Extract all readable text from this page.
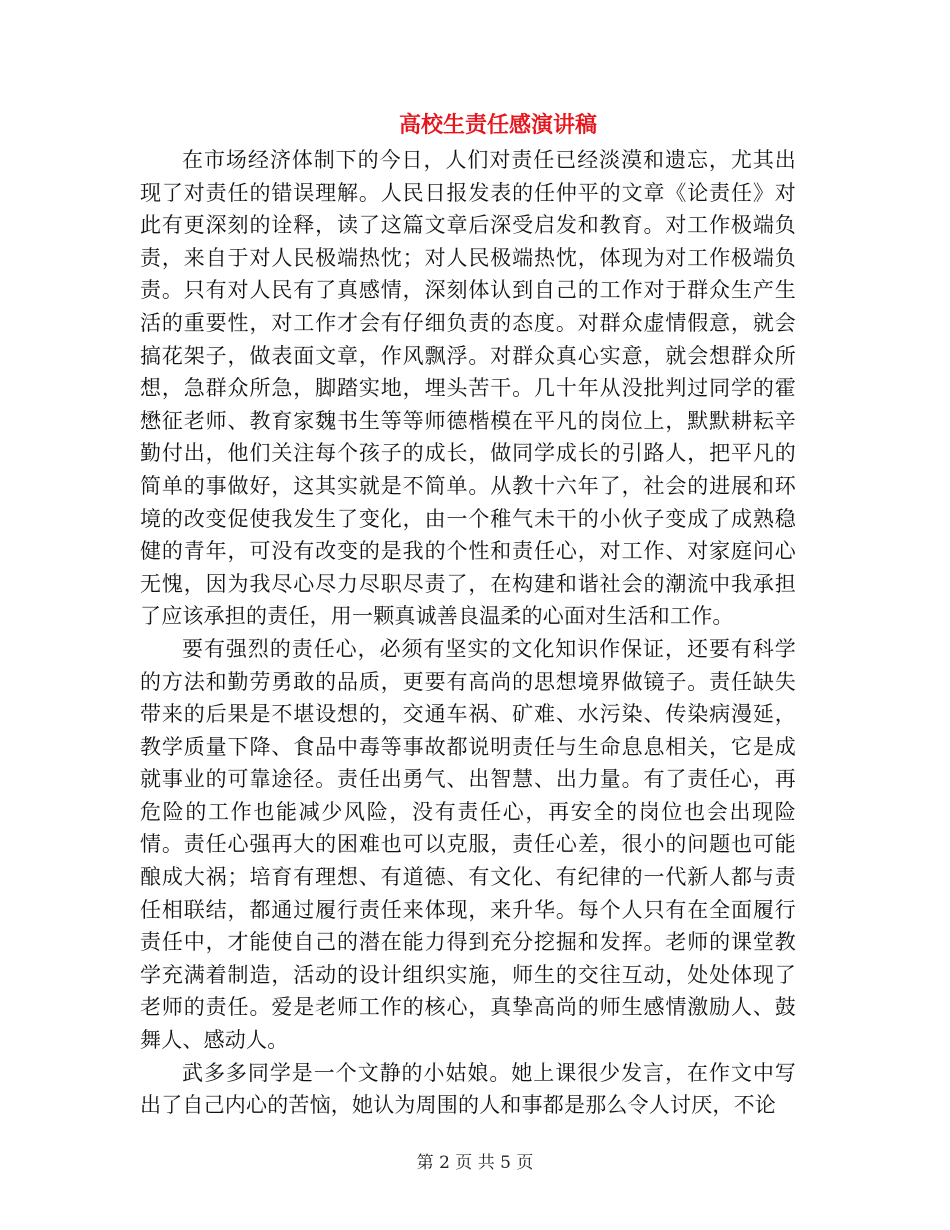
高校生责任感演讲稿

在市场经济体制下的今日，人们对责任已经淡漠和遗忘，尤其出现了对责任的错误理解。人民日报发表的任仲平的文章《论责任》对此有更深刻的诠释，读了这篇文章后深受启发和教育。对工作极端负责，来自于对人民极端热忱；对人民极端热忱，体现为对工作极端负责。只有对人民有了真感情，深刻体认到自己的工作对于群众生产生活的重要性，对工作才会有仔细负责的态度。对群众虚情假意，就会搞花架子，做表面文章，作风飘浮。对群众真心实意，就会想群众所想，急群众所急，脚踏实地，埋头苦干。几十年从没批判过同学的霍懋征老师、教育家魏书生等等师德楷模在平凡的岗位上，默默耕耘辛勤付出，他们关注每个孩子的成长，做同学成长的引路人，把平凡的简单的事做好，这其实就是不简单。从教十六年了，社会的进展和环境的改变促使我发生了变化，由一个稚气未干的小伙子变成了成熟稳健的青年，可没有改变的是我的个性和责任心，对工作、对家庭问心无愧，因为我尽心尽力尽职尽责了，在构建和谐社会的潮流中我承担了应该承担的责任，用一颗真诚善良温柔的心面对生活和工作。

要有强烈的责任心，必须有坚实的文化知识作保证，还要有科学的方法和勤劳勇敢的品质，更要有高尚的思想境界做镜子。责任缺失带来的后果是不堪设想的，交通车祸、矿难、水污染、传染病漫延，教学质量下降、食品中毒等事故都说明责任与生命息息相关，它是成就事业的可靠途径。责任出勇气、出智慧、出力量。有了责任心，再危险的工作也能减少风险，没有责任心，再安全的岗位也会出现险情。责任心强再大的困难也可以克服，责任心差，很小的问题也可能酿成大祸；培育有理想、有道德、有文化、有纪律的一代新人都与责任相联结，都通过履行责任来体现，来升华。每个人只有在全面履行责任中，才能使自己的潜在能力得到充分挖掘和发挥。老师的课堂教学充满着制造，活动的设计组织实施，师生的交往互动，处处体现了老师的责任。爱是老师工作的核心，真挚高尚的师生感情激励人、鼓舞人、感动人。

武多多同学是一个文静的小姑娘。她上课很少发言，在作文中写出了自己内心的苦恼，她认为周围的人和事都是那么令人讨厌，不论

第 2 页 共 5 页
